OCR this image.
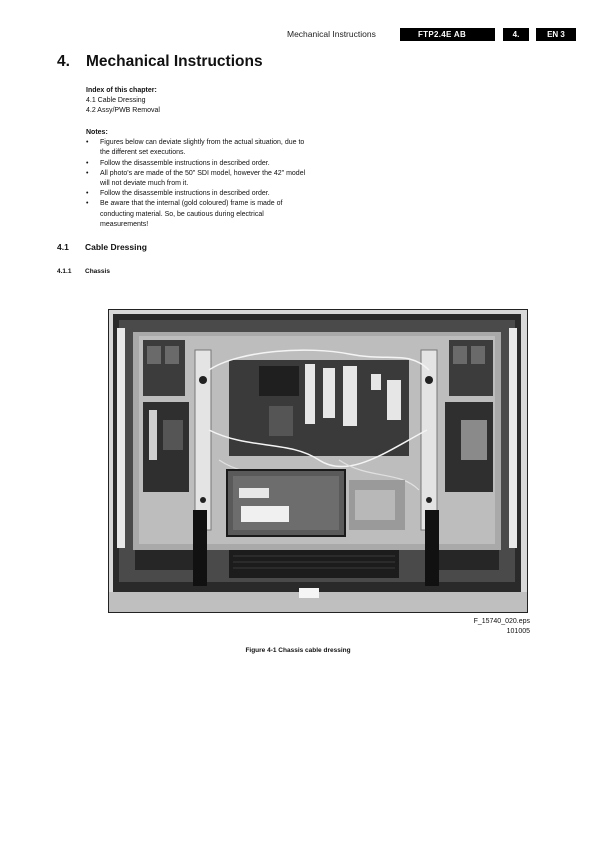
Mechanical Instructions	FTP2.4E AB	4.	EN 3
4. Mechanical Instructions
Index of this chapter:
4.1 Cable Dressing
4.2 Assy/PWB Removal
Notes:
• Figures below can deviate slightly from the actual situation, due to the different set executions.
• Follow the disassemble instructions in described order.
• All photo's are made of the 50" SDI model, however the 42" model will not deviate much from it.
• Follow the disassemble instructions in described order.
• Be aware that the internal (gold coloured) frame is made of conducting material. So, be cautious during electrical measurements!
4.1 Cable Dressing
4.1.1 Chassis
F_15740_020.eps
101005
Figure 4-1 Chassis cable dressing
